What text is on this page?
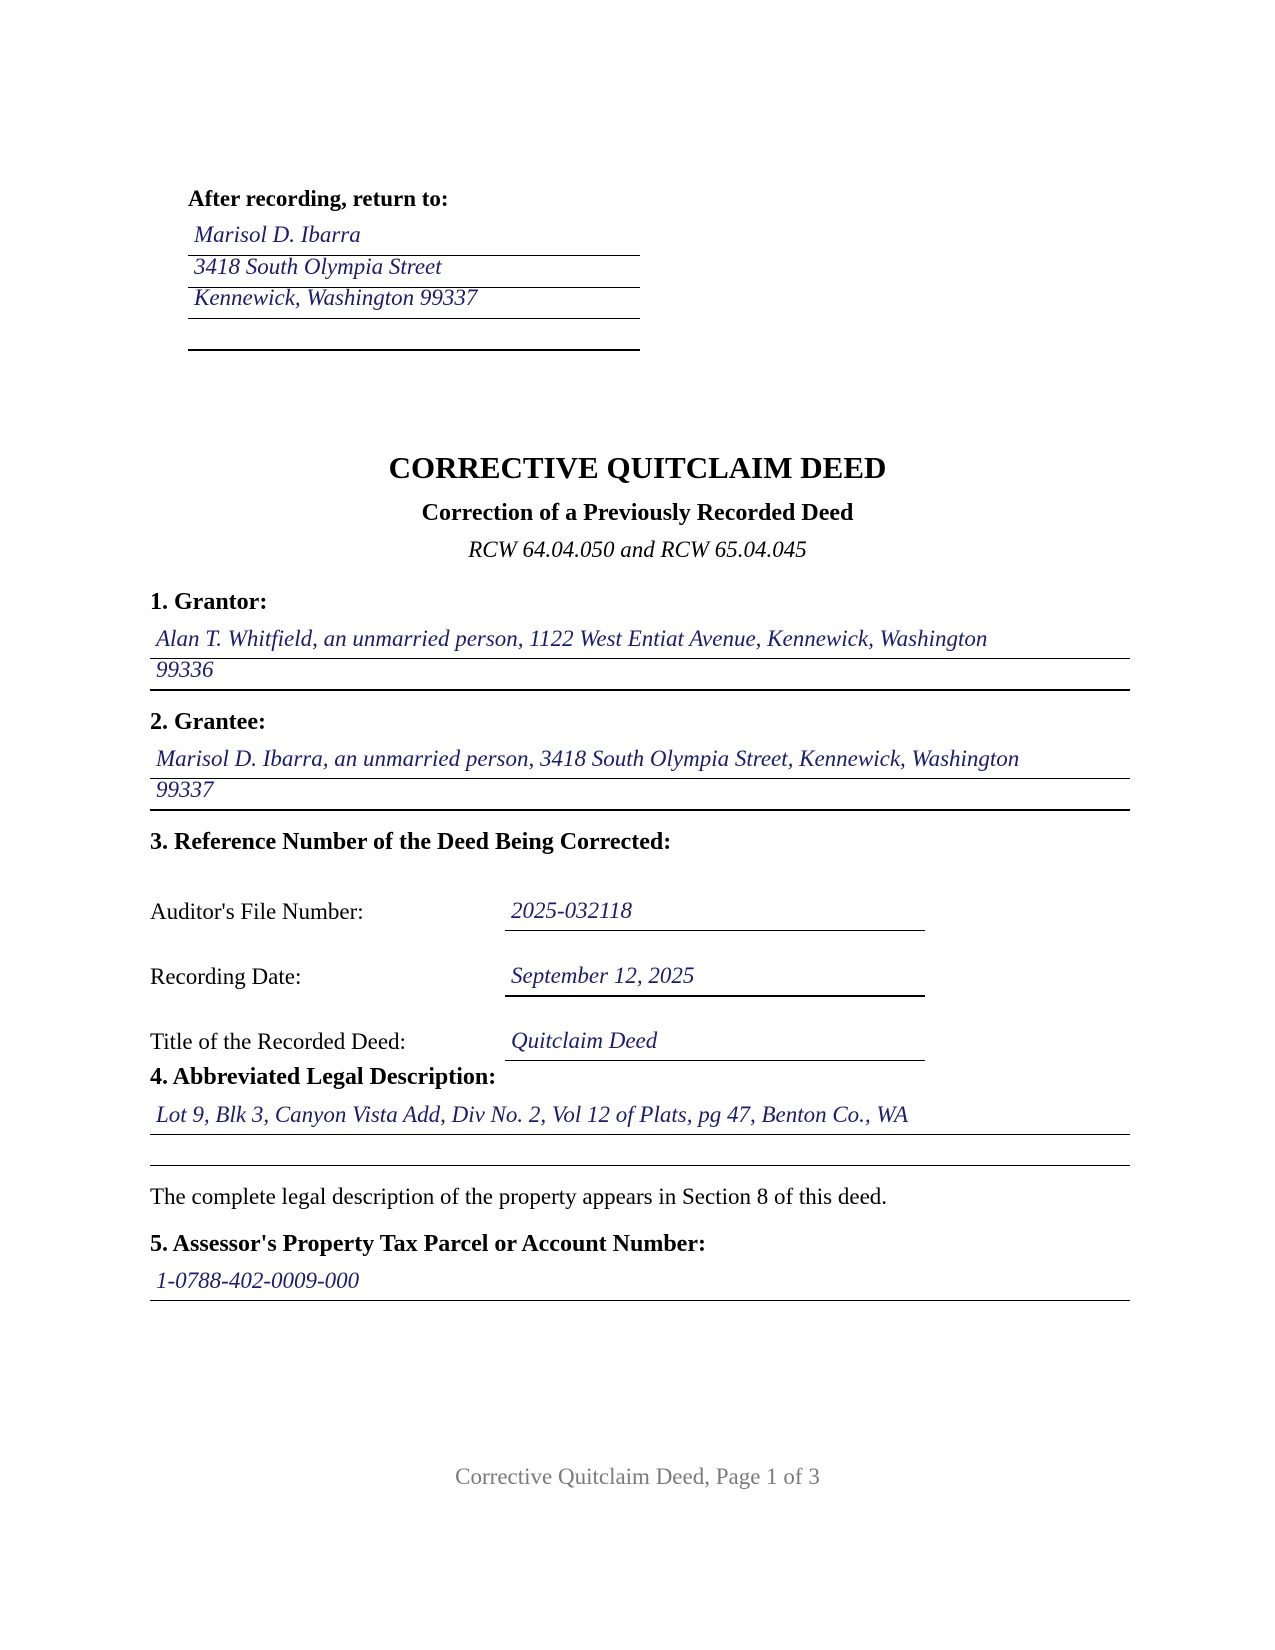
After recording, return to:
Marisol D. Ibarra
3418 South Olympia Street
Kennewick, Washington 99337
CORRECTIVE QUITCLAIM DEED
Correction of a Previously Recorded Deed
RCW 64.04.050 and RCW 65.04.045
1. Grantor:
Alan T. Whitfield, an unmarried person, 1122 West Entiat Avenue, Kennewick, Washington
99336
2. Grantee:
Marisol D. Ibarra, an unmarried person, 3418 South Olympia Street, Kennewick, Washington
99337
3. Reference Number of the Deed Being Corrected:
Auditor's File Number:	2025-032118
Recording Date:	September 12, 2025
Title of the Recorded Deed:	Quitclaim Deed
4. Abbreviated Legal Description:
Lot 9, Blk 3, Canyon Vista Add, Div No. 2, Vol 12 of Plats, pg 47, Benton Co., WA
The complete legal description of the property appears in Section 8 of this deed.
5. Assessor's Property Tax Parcel or Account Number:
1-0788-402-0009-000
Corrective Quitclaim Deed, Page 1 of 3
